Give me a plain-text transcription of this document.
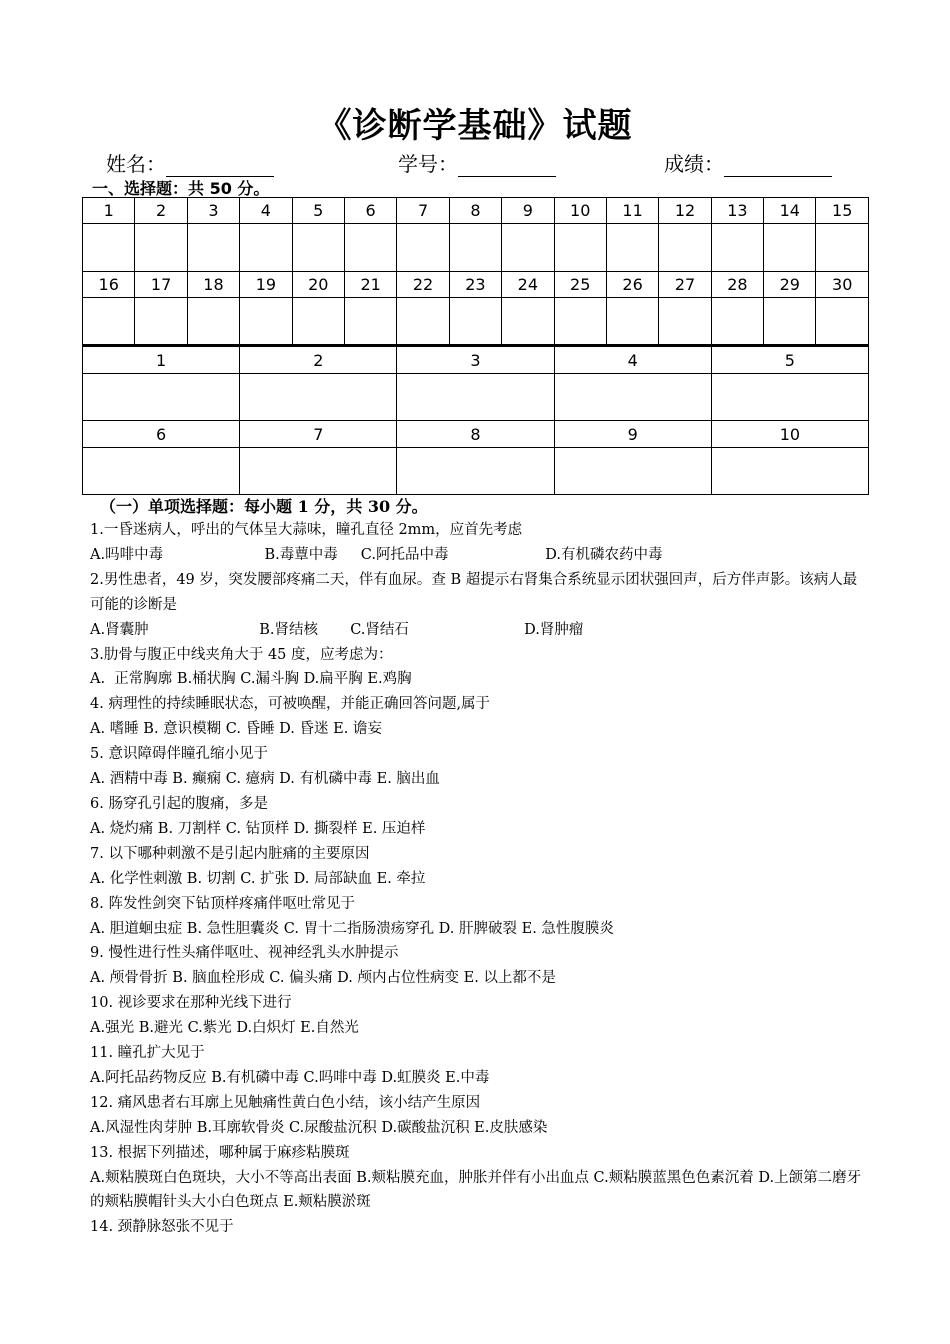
《诊断学基础》试题
姓名：	学号：	成绩：
一、选择题：共 50 分。
1	2	3	4	5	6	7	8	9	10	11	12	13	14	15

16	17	18	19	20	21	22	23	24	25	26	27	28	29	30

1	2	3	4	5

6	7	8	9	10

（一）单项选择题：每小题 1 分，共 30 分。

1.一昏迷病人，呼出的气体呈大蒜味，瞳孔直径 2mm，应首先考虑

A.吗啡中毒                      B.毒蕈中毒     C.阿托品中毒                     D.有机磷农药中毒

2.男性患者，49 岁，突发腰部疼痛二天，伴有血尿。查 B 超提示右肾集合系统显示团状强回声，后方伴声影。该病人最可能的诊断是

A.肾囊肿                        B.肾结核       C.肾结石                         D.肾肿瘤

3.肋骨与腹正中线夹角大于 45 度，应考虑为：

A.  正常胸廓 B.桶状胸 C.漏斗胸 D.扁平胸 E.鸡胸

4. 病理性的持续睡眠状态，可被唤醒，并能正确回答问题,属于

A. 嗜睡 B. 意识模糊 C. 昏睡 D. 昏迷 E. 谵妄

5. 意识障碍伴瞳孔缩小见于

A. 酒精中毒 B. 癫痫 C. 癔病 D. 有机磷中毒 E. 脑出血

6. 肠穿孔引起的腹痛，多是

A. 烧灼痛 B. 刀割样 C. 钻顶样 D. 撕裂样 E. 压迫样

7. 以下哪种刺激不是引起内脏痛的主要原因

A. 化学性刺激 B. 切割 C. 扩张 D. 局部缺血 E. 牵拉

8. 阵发性剑突下钻顶样疼痛伴呕吐常见于

A. 胆道蛔虫症 B. 急性胆囊炎 C. 胃十二指肠溃疡穿孔 D. 肝脾破裂 E. 急性腹膜炎

9. 慢性进行性头痛伴呕吐、视神经乳头水肿提示

A. 颅骨骨折 B. 脑血栓形成 C. 偏头痛 D. 颅内占位性病变 E. 以上都不是

10. 视诊要求在那种光线下进行

A.强光 B.避光 C.紫光 D.白炽灯 E.自然光

11. 瞳孔扩大见于

A.阿托品药物反应 B.有机磷中毒 C.吗啡中毒 D.虹膜炎 E.中毒

12. 痛风患者右耳廓上见触痛性黄白色小结，该小结产生原因

A.风湿性肉芽肿 B.耳廓软骨炎 C.尿酸盐沉积 D.碳酸盐沉积 E.皮肤感染

13. 根据下列描述，哪种属于麻疹粘膜斑

A.颊粘膜斑白色斑块，大小不等高出表面 B.颊粘膜充血，肿胀并伴有小出血点 C.颊粘膜蓝黑色色素沉着 D.上颌第二磨牙的颊粘膜帽针头大小白色斑点 E.颊粘膜淤斑

14. 颈静脉怒张不见于
